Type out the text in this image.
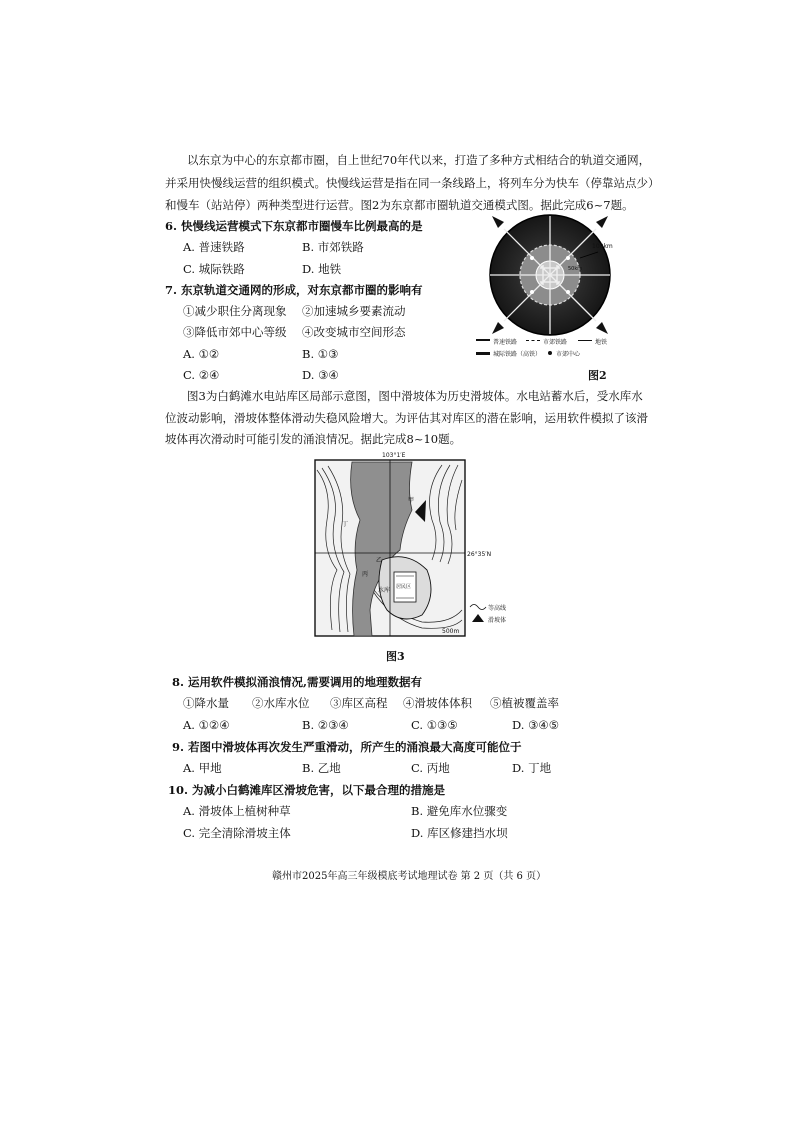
以东京为中心的东京都市圈，自上世纪70年代以来，打造了多种方式相结合的轨道交通网，
并采用快慢线运营的组织模式。快慢线运营是指在同一条线路上，将列车分为快车（停靠站点少）
和慢车（站站停）两种类型进行运营。图2为东京都市圈轨道交通模式图。据此完成6~7题。
6. 快慢线运营模式下东京都市圈慢车比例最高的是
A. 普速铁路	B. 市郊铁路
C. 城际铁路	D. 地铁
7. 东京轨道交通网的形成，对东京都市圈的影响有
①减少职住分离现象 ②加速城乡要素流动
③降低市郊中心等级 ④改变城市空间形态
A. ①②	B. ①③
C. ②④	D. ③④
100km
50km
普速铁路	市郊铁路	地铁
城际铁路（高铁） 市郊中心
图2
图3为白鹤滩水电站库区局部示意图，图中滑坡体为历史滑坡体。水电站蓄水后，受水库水
位波动影响，滑坡体整体滑动失稳风险增大。为评估其对库区的潜在影响，运用软件模拟了该滑
坡体再次滑动时可能引发的涌浪情况。据此完成8~10题。
103°1′E
26°35′N
甲
乙
丙
丁
水库 居民区
500m
等高线
滑坡体
图3
8. 运用软件模拟涌浪情况,需要调用的地理数据有
①降水量 ②水库水位 ③库区高程 ④滑坡体体积 ⑤植被覆盖率
A. ①②④	B. ②③④	C. ①③⑤	D. ③④⑤
9. 若图中滑坡体再次发生严重滑动，所产生的涌浪最大高度可能位于
A. 甲地	B. 乙地	C. 丙地	D. 丁地
10. 为减小白鹤滩库区滑坡危害，以下最合理的措施是
A. 滑坡体上植树种草	B. 避免库水位骤变
C. 完全清除滑坡主体	D. 库区修建挡水坝
赣州市2025年高三年级模底考试地理试卷 第 2 页（共 6 页）
